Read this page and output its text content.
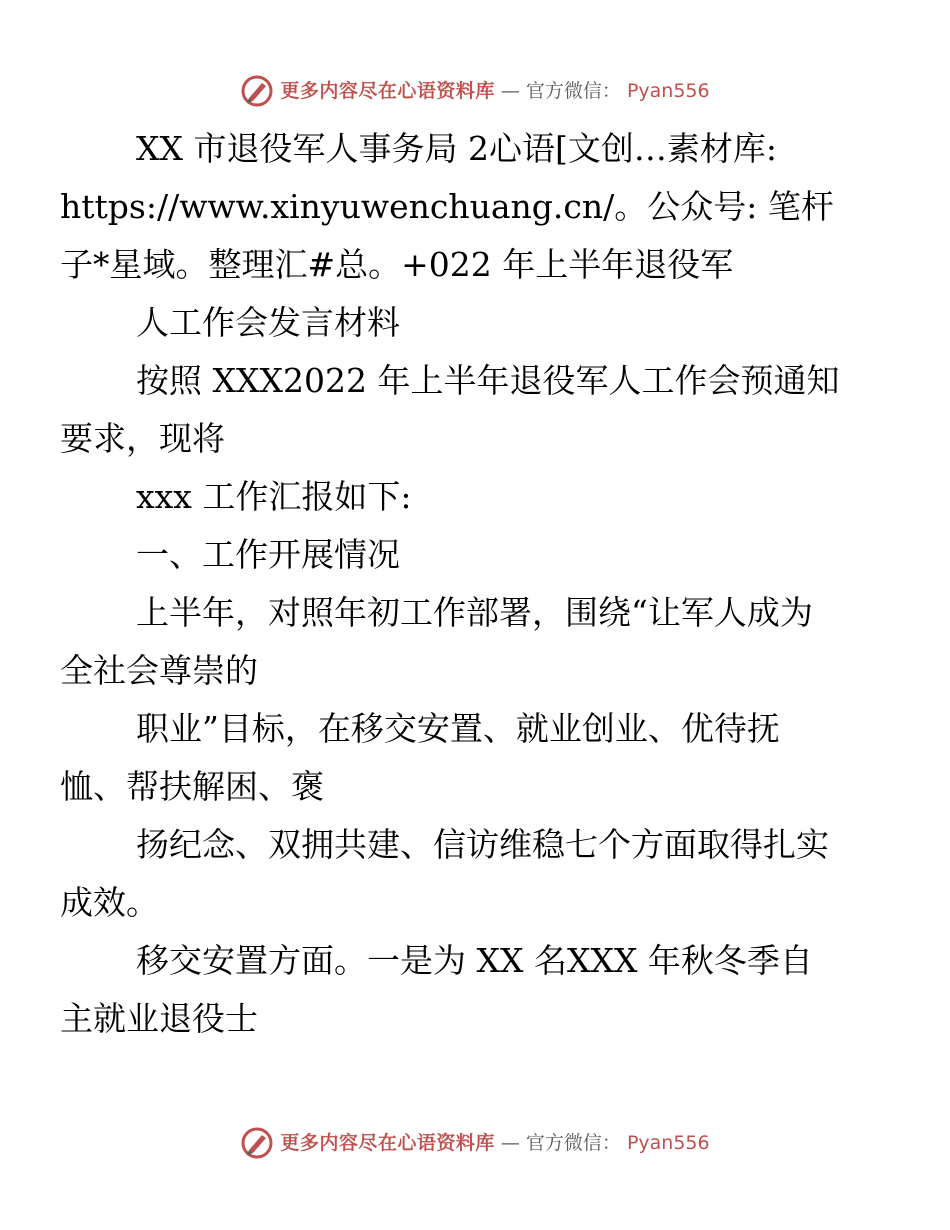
更多内容尽在心语资料库 — 官方微信： Pyan556
XX 市退役军人事务局 2心语[文创…素材库:
https://www.xinyuwenchuang.cn/。公众号: 笔杆
子*星域。整理汇#总。+022 年上半年退役军
人工作会发言材料
按照 XXX2022 年上半年退役军人工作会预通知
要求，现将
xxx 工作汇报如下:
一、工作开展情况
上半年，对照年初工作部署，围绕“让军人成为
全社会尊崇的
职业”目标，在移交安置、就业创业、优待抚
恤、帮扶解困、褒
扬纪念、双拥共建、信访维稳七个方面取得扎实
成效。
移交安置方面。一是为 XX 名XXX 年秋冬季自
主就业退役士
更多内容尽在心语资料库 — 官方微信： Pyan556
